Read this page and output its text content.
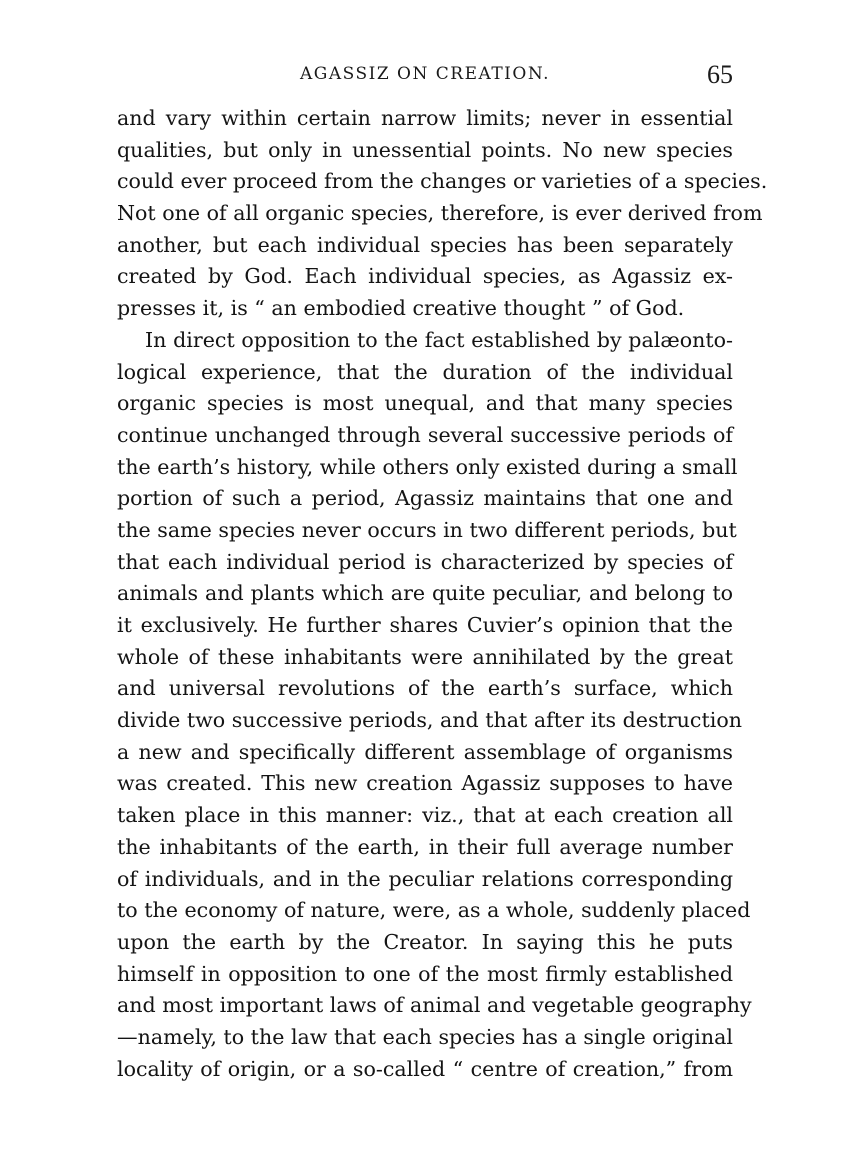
AGASSIZ ON CREATION.	65
and vary within certain narrow limits; never in essential
qualities, but only in unessential points. No new species
could ever proceed from the changes or varieties of a species.
Not one of all organic species, therefore, is ever derived from
another, but each individual species has been separately
created by God. Each individual species, as Agassiz ex-
presses it, is “ an embodied creative thought ” of God.
In direct opposition to the fact established by palæonto-
logical experience, that the duration of the individual
organic species is most unequal, and that many species
continue unchanged through several successive periods of
the earth’s history, while others only existed during a small
portion of such a period, Agassiz maintains that one and
the same species never occurs in two different periods, but
that each individual period is characterized by species of
animals and plants which are quite peculiar, and belong to
it exclusively. He further shares Cuvier’s opinion that the
whole of these inhabitants were annihilated by the great
and universal revolutions of the earth’s surface, which
divide two successive periods, and that after its destruction
a new and specifically different assemblage of organisms
was created. This new creation Agassiz supposes to have
taken place in this manner: viz., that at each creation all
the inhabitants of the earth, in their full average number
of individuals, and in the peculiar relations corresponding
to the economy of nature, were, as a whole, suddenly placed
upon the earth by the Creator. In saying this he puts
himself in opposition to one of the most firmly established
and most important laws of animal and vegetable geography
—namely, to the law that each species has a single original
locality of origin, or a so-called “ centre of creation,” from
